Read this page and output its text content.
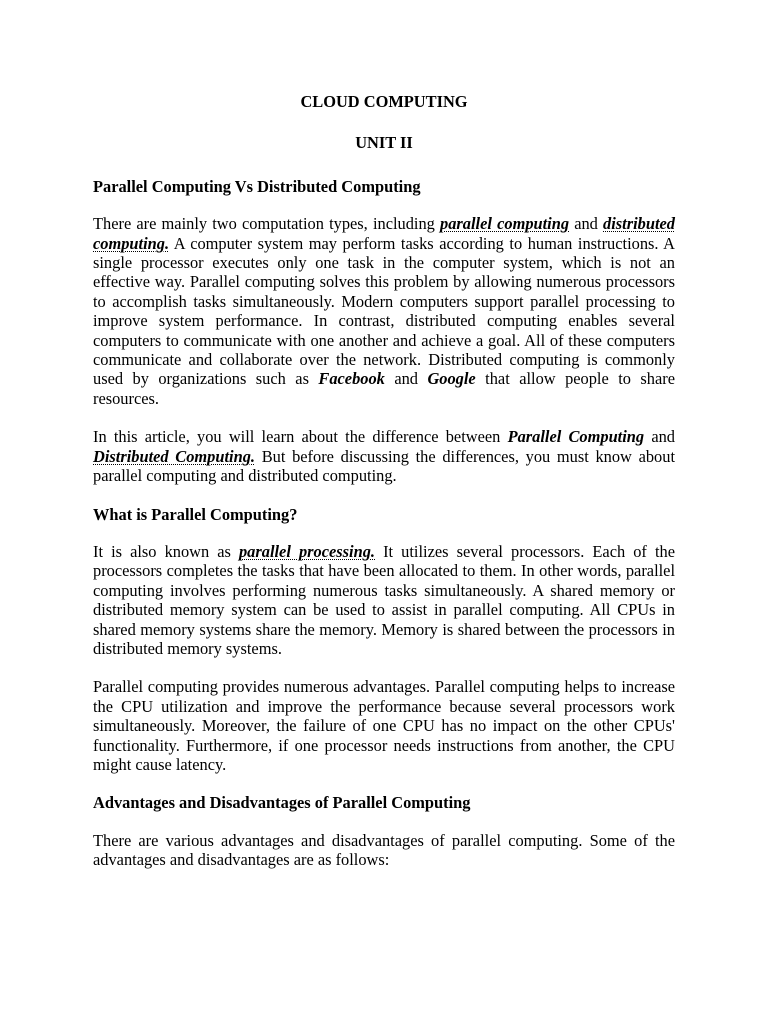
CLOUD COMPUTING

UNIT II

Parallel Computing Vs Distributed Computing

There are mainly two computation types, including parallel computing and distributed computing. A computer system may perform tasks according to human instructions. A single processor executes only one task in the computer system, which is not an effective way. Parallel computing solves this problem by allowing numerous processors to accomplish tasks simultaneously. Modern computers support parallel processing to improve system performance. In contrast, distributed computing enables several computers to communicate with one another and achieve a goal. All of these computers communicate and collaborate over the network. Distributed computing is commonly used by organizations such as Facebook and Google that allow people to share resources.

In this article, you will learn about the difference between Parallel Computing and Distributed Computing. But before discussing the differences, you must know about parallel computing and distributed computing.

What is Parallel Computing?

It is also known as parallel processing. It utilizes several processors. Each of the processors completes the tasks that have been allocated to them. In other words, parallel computing involves performing numerous tasks simultaneously. A shared memory or distributed memory system can be used to assist in parallel computing. All CPUs in shared memory systems share the memory. Memory is shared between the processors in distributed memory systems.

Parallel computing provides numerous advantages. Parallel computing helps to increase the CPU utilization and improve the performance because several processors work simultaneously. Moreover, the failure of one CPU has no impact on the other CPUs' functionality. Furthermore, if one processor needs instructions from another, the CPU might cause latency.

Advantages and Disadvantages of Parallel Computing

There are various advantages and disadvantages of parallel computing. Some of the advantages and disadvantages are as follows:
